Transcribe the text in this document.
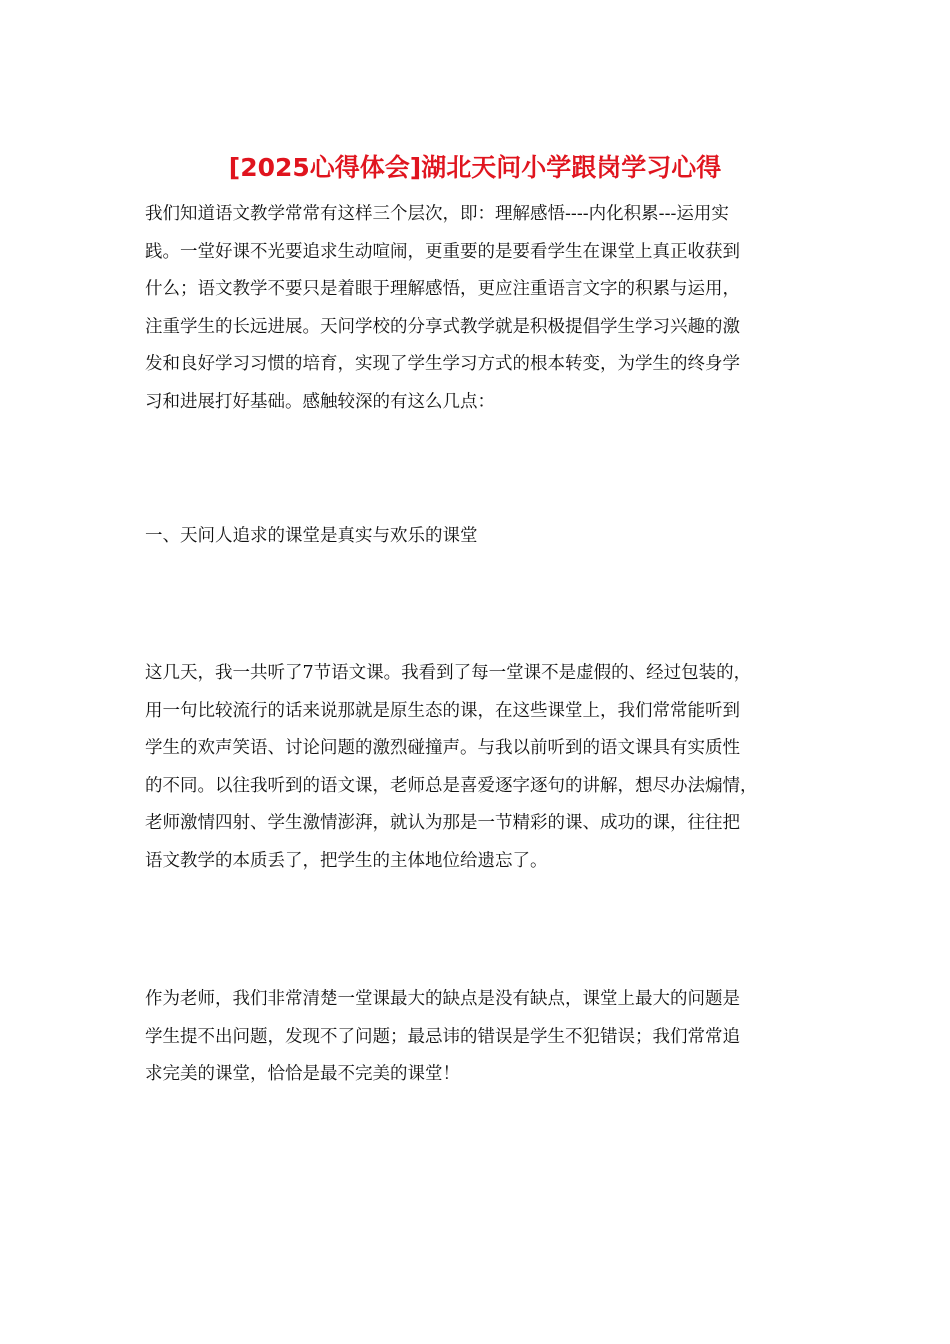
[2025心得体会]湖北天问小学跟岗学习心得
我们知道语文教学常常有这样三个层次，即：理解感悟----内化积累---运用实
践。一堂好课不光要追求生动喧闹，更重要的是要看学生在课堂上真正收获到
什么；语文教学不要只是着眼于理解感悟，更应注重语言文字的积累与运用，
注重学生的长远进展。天问学校的分享式教学就是积极提倡学生学习兴趣的激
发和良好学习习惯的培育，实现了学生学习方式的根本转变，为学生的终身学
习和进展打好基础。感触较深的有这么几点：
一、天问人追求的课堂是真实与欢乐的课堂
这几天，我一共听了7节语文课。我看到了每一堂课不是虚假的、经过包装的，
用一句比较流行的话来说那就是原生态的课，在这些课堂上，我们常常能听到
学生的欢声笑语、讨论问题的激烈碰撞声。与我以前听到的语文课具有实质性
的不同。以往我听到的语文课，老师总是喜爱逐字逐句的讲解，想尽办法煽情，
老师激情四射、学生激情澎湃，就认为那是一节精彩的课、成功的课，往往把
语文教学的本质丢了，把学生的主体地位给遗忘了。
作为老师，我们非常清楚一堂课最大的缺点是没有缺点，课堂上最大的问题是
学生提不出问题，发现不了问题；最忌讳的错误是学生不犯错误；我们常常追
求完美的课堂，恰恰是最不完美的课堂！
